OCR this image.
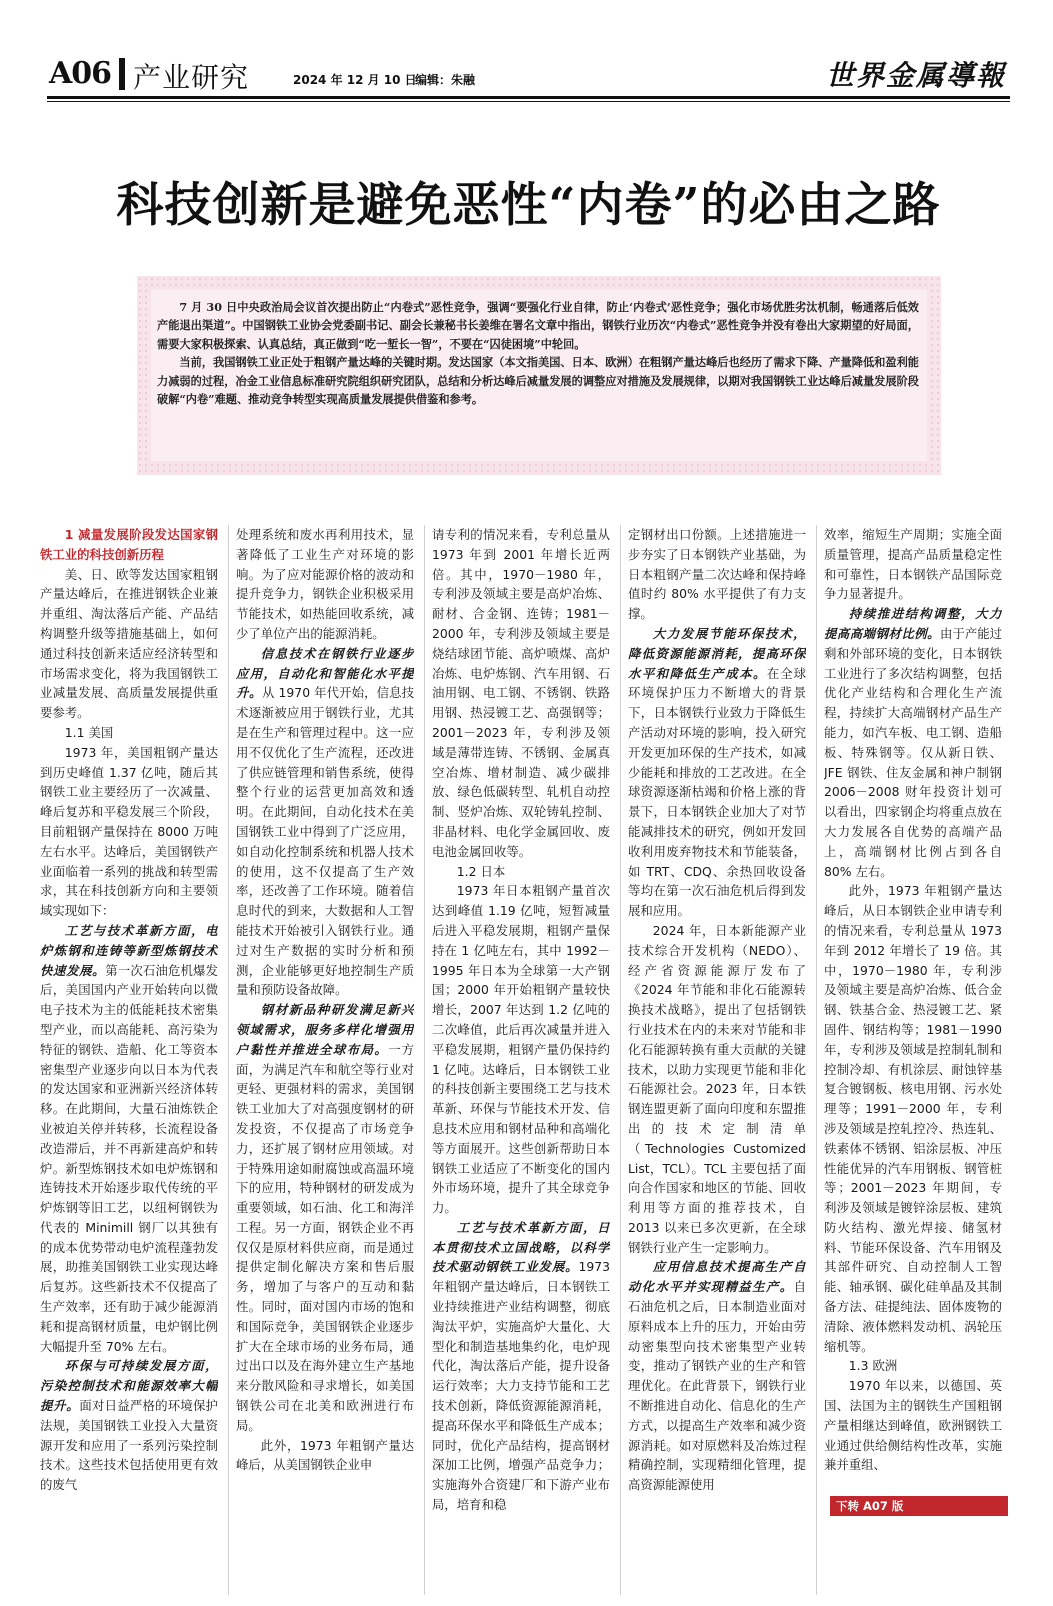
A06 产业研究	2024 年 12 月 10 日
编辑：朱融	世界金属導報
科技创新是避免恶性“内卷”的必由之路

7 月 30 日中央政治局会议首次提出防止“内卷式”恶性竞争，强调“要强化行业自律，防止‘内卷式’恶性竞争；强化市场优胜劣汰机制，畅通落后低效产能退出渠道”。中国钢铁工业协会党委副书记、副会长兼秘书长姜维在署名文章中指出，钢铁行业历次“内卷式”恶性竞争并没有卷出大家期望的好局面，需要大家积极探索、认真总结，真正做到“吃一堑长一智”，不要在“囚徒困境”中轮回。

当前，我国钢铁工业正处于粗钢产量达峰的关键时期。发达国家（本文指美国、日本、欧洲）在粗钢产量达峰后也经历了需求下降、产量降低和盈利能力减弱的过程，冶金工业信息标准研究院组织研究团队，总结和分析达峰后减量发展的调整应对措施及发展规律，以期对我国钢铁工业达峰后减量发展阶段破解“内卷”难题、推动竞争转型实现高质量发展提供借鉴和参考。

1 减量发展阶段发达国家钢铁工业的科技创新历程

美、日、欧等发达国家粗钢产量达峰后，在推进钢铁企业兼并重组、淘汰落后产能、产品结构调整升级等措施基础上，如何通过科技创新来适应经济转型和市场需求变化，将为我国钢铁工业减量发展、高质量发展提供重要参考。

1.1 美国

1973 年，美国粗钢产量达到历史峰值 1.37 亿吨，随后其钢铁工业主要经历了一次减量、峰后复苏和平稳发展三个阶段，目前粗钢产量保持在 8000 万吨左右水平。达峰后，美国钢铁产业面临着一系列的挑战和转型需求，其在科技创新方向和主要领域实现如下：

工艺与技术革新方面，电炉炼钢和连铸等新型炼钢技术快速发展。第一次石油危机爆发后，美国国内产业开始转向以微电子技术为主的低能耗技术密集型产业，而以高能耗、高污染为特征的钢铁、造船、化工等资本密集型产业逐步向以日本为代表的发达国家和亚洲新兴经济体转移。在此期间，大量石油炼铁企业被迫关停并转移，长流程设备改造滞后，并不再新建高炉和转炉。新型炼钢技术如电炉炼钢和连铸技术开始逐步取代传统的平炉炼钢等旧工艺，以纽柯钢铁为代表的 Minimill 钢厂以其独有的成本优势带动电炉流程蓬勃发展，助推美国钢铁工业实现达峰后复苏。这些新技术不仅提高了生产效率，还有助于减少能源消耗和提高钢材质量，电炉钢比例大幅提升至 70% 左右。

环保与可持续发展方面，污染控制技术和能源效率大幅提升。面对日益严格的环境保护法规，美国钢铁工业投入大量资源开发和应用了一系列污染控制技术。这些技术包括使用更有效的废气

处理系统和废水再利用技术，显著降低了工业生产对环境的影响。为了应对能源价格的波动和提升竞争力，钢铁企业积极采用节能技术，如热能回收系统，减少了单位产出的能源消耗。

信息技术在钢铁行业逐步应用，自动化和智能化水平提升。从 1970 年代开始，信息技术逐渐被应用于钢铁行业，尤其是在生产和管理过程中。这一应用不仅优化了生产流程，还改进了供应链管理和销售系统，使得整个行业的运营更加高效和透明。在此期间，自动化技术在美国钢铁工业中得到了广泛应用，如自动化控制系统和机器人技术的使用，这不仅提高了生产效率，还改善了工作环境。随着信息时代的到来，大数据和人工智能技术开始被引入钢铁行业。通过对生产数据的实时分析和预测，企业能够更好地控制生产质量和预防设备故障。

钢材新品种研发满足新兴领域需求，服务多样化增强用户黏性并推进全球布局。一方面，为满足汽车和航空等行业对更轻、更强材料的需求，美国钢铁工业加大了对高强度钢材的研发投资，不仅提高了市场竞争力，还扩展了钢材应用领域。对于特殊用途如耐腐蚀或高温环境下的应用，特种钢材的研发成为重要领域，如石油、化工和海洋工程。另一方面，钢铁企业不再仅仅是原材料供应商，而是通过提供定制化解决方案和售后服务，增加了与客户的互动和黏性。同时，面对国内市场的饱和和国际竞争，美国钢铁企业逐步扩大在全球市场的业务布局，通过出口以及在海外建立生产基地来分散风险和寻求增长，如美国钢铁公司在北美和欧洲进行布局。

此外，1973 年粗钢产量达峰后，从美国钢铁企业申

请专利的情况来看，专利总量从 1973 年到 2001 年增长近两倍。其中，1970－1980 年，专利涉及领域主要是高炉冶炼、耐材、合金钢、连铸；1981－2000 年，专利涉及领域主要是烧结球团节能、高炉喷煤、高炉冶炼、电炉炼钢、汽车用钢、石油用钢、电工钢、不锈钢、铁路用钢、热浸镀工艺、高强钢等；2001－2023 年，专利涉及领域是薄带连铸、不锈钢、金属真空冶炼、增材制造、减少碳排放、绿色低碳转型、轧机自动控制、竖炉冶炼、双轮铸轧控制、非晶材料、电化学金属回收、废电池金属回收等。

1.2 日本

1973 年日本粗钢产量首次达到峰值 1.19 亿吨，短暂减量后进入平稳发展期，粗钢产量保持在 1 亿吨左右，其中 1992－1995 年日本为全球第一大产钢国；2000 年开始粗钢产量较快增长，2007 年达到 1.2 亿吨的二次峰值，此后再次减量并进入平稳发展期，粗钢产量仍保持约 1 亿吨。达峰后，日本钢铁工业的科技创新主要围绕工艺与技术革新、环保与节能技术开发、信息技术应用和钢材品种和高端化等方面展开。这些创新帮助日本钢铁工业适应了不断变化的国内外市场环境，提升了其全球竞争力。

工艺与技术革新方面，日本贯彻技术立国战略，以科学技术驱动钢铁工业发展。1973 年粗钢产量达峰后，日本钢铁工业持续推进产业结构调整，彻底淘汰平炉，实施高炉大量化、大型化和制造基地集约化，电炉现代化，淘汰落后产能，提升设备运行效率；大力支持节能和工艺技术创新，降低资源能源消耗，提高环保水平和降低生产成本；同时，优化产品结构，提高钢材深加工比例，增强产品竞争力；实施海外合资建厂和下游产业布局，培育和稳

定钢材出口份额。上述措施进一步夯实了日本钢铁产业基础，为日本粗钢产量二次达峰和保持峰值时约 80% 水平提供了有力支撑。

大力发展节能环保技术，降低资源能源消耗，提高环保水平和降低生产成本。在全球环境保护压力不断增大的背景下，日本钢铁行业致力于降低生产活动对环境的影响，投入研究开发更加环保的生产技术，如减少能耗和排放的工艺改进。在全球资源逐渐枯竭和价格上涨的背景下，日本钢铁企业加大了对节能减排技术的研究，例如开发回收利用废弃物技术和节能装备，如 TRT、CDQ、余热回收设备等均在第一次石油危机后得到发展和应用。

2024 年，日本新能源产业技术综合开发机构（NEDO）、经产省资源能源厅发布了《2024 年节能和非化石能源转换技术战略》，提出了包括钢铁行业技术在内的未来对节能和非化石能源转换有重大贡献的关键技术，以助力实现更节能和非化石能源社会。2023 年，日本铁钢连盟更新了面向印度和东盟推出的技术定制清单（Technologies Customized List，TCL）。TCL 主要包括了面向合作国家和地区的节能、回收利用等方面的推荐技术，自 2013 以来已多次更新，在全球钢铁行业产生一定影响力。

应用信息技术提高生产自动化水平并实现精益生产。自石油危机之后，日本制造业面对原料成本上升的压力，开始由劳动密集型向技术密集型产业转变，推动了钢铁产业的生产和管理优化。在此背景下，钢铁行业不断推进自动化、信息化的生产方式，以提高生产效率和减少资源消耗。如对原燃料及冶炼过程精确控制，实现精细化管理，提高资源能源使用

效率，缩短生产周期；实施全面质量管理，提高产品质量稳定性和可靠性，日本钢铁产品国际竞争力显著提升。

持续推进结构调整，大力提高高端钢材比例。由于产能过剩和外部环境的变化，日本钢铁工业进行了多次结构调整，包括优化产业结构和合理化生产流程，持续扩大高端钢材产品生产能力，如汽车板、电工钢、造船板、特殊钢等。仅从新日铁、JFE 钢铁、住友金属和神户制钢 2006－2008 财年投资计划可以看出，四家钢企均将重点放在大力发展各自优势的高端产品上，高端钢材比例占到各自 80% 左右。

此外，1973 年粗钢产量达峰后，从日本钢铁企业申请专利的情况来看，专利总量从 1973 年到 2012 年增长了 19 倍。其中，1970－1980 年，专利涉及领域主要是高炉冶炼、低合金钢、铁基合金、热浸镀工艺、紧固件、钢结构等；1981－1990 年，专利涉及领域是控制轧制和控制冷却、有机涂层、耐蚀锌基复合镀钢板、核电用钢、污水处理等；1991－2000 年，专利涉及领域是控轧控冷、热连轧、铁素体不锈钢、铝涂层板、冲压性能优异的汽车用钢板、钢管桩等；2001－2023 年期间，专利涉及领域是镀锌涂层板、建筑防火结构、激光焊接、储氢材料、节能环保设备、汽车用钢及其部件研究、自动控制人工智能、轴承钢、碳化硅单晶及其制备方法、硅提纯法、固体废物的清除、液体燃料发动机、涡轮压缩机等。

1.3 欧洲

1970 年以来，以德国、英国、法国为主的钢铁生产国粗钢产量相继达到峰值，欧洲钢铁工业通过供给侧结构性改革，实施兼并重组、

下转 A07 版
